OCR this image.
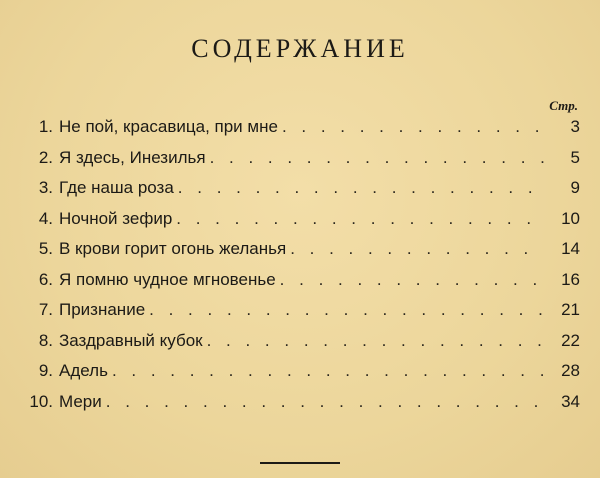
СОДЕРЖАНИЕ
Стр.
1. Не пой, красавица, при мне . . .	3
2. Я здесь, Инезилья . . .	5
3. Где наша роза . . .	9
4. Ночной зефир . . .	10
5. В крови горит огонь желанья . . .	14
6. Я помню чудное мгновенье . . .	16
7. Признание . . .	21
8. Заздравный кубок . . .	22
9. Адель . . .	28
10. Мери . . .	34
